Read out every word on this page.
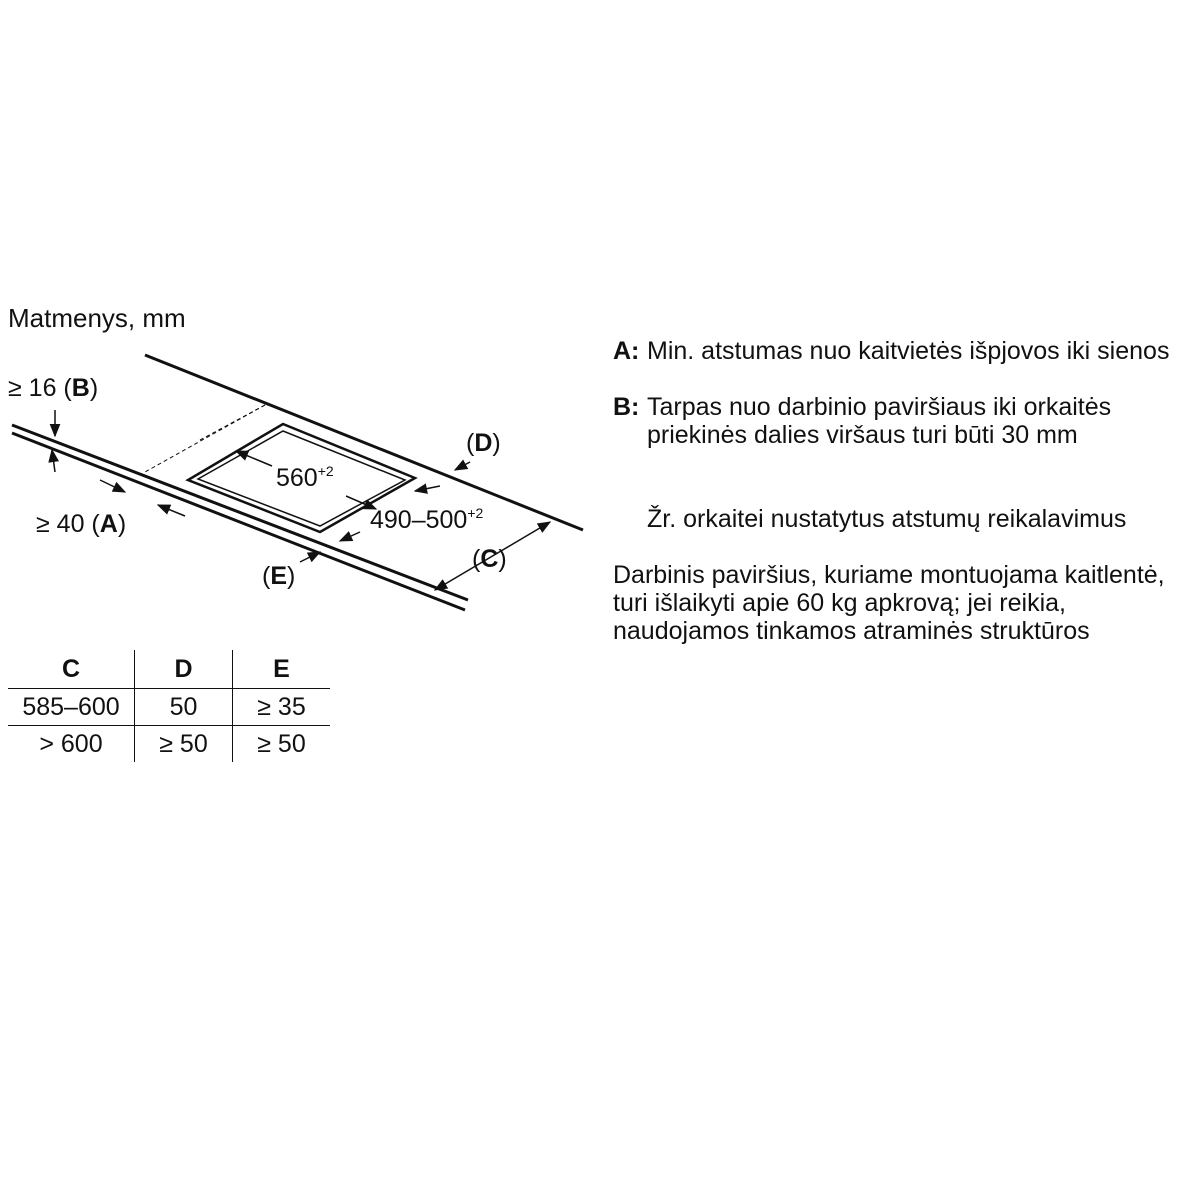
Matmenys, mm
≥ 16 (B)
≥ 40 (A)
(D)
(C)
(E)
$560^{+2}$
$490-500^{+2}$
C	D	E
585–600	50	≥ 35
> 600	≥ 50	≥ 50
A: Min. atstumas nuo kaitvietės išpjovos iki sienos
B: Tarpas nuo darbinio paviršiaus iki orkaitės priekinės dalies viršaus turi būti 30 mm
Žr. orkaitei nustatytus atstumų reikalavimus
Darbinis paviršius, kuriame montuojama kaitlentė, turi išlaikyti apie 60 kg apkrovą; jei reikia, naudojamos tinkamos atraminės struktūros
